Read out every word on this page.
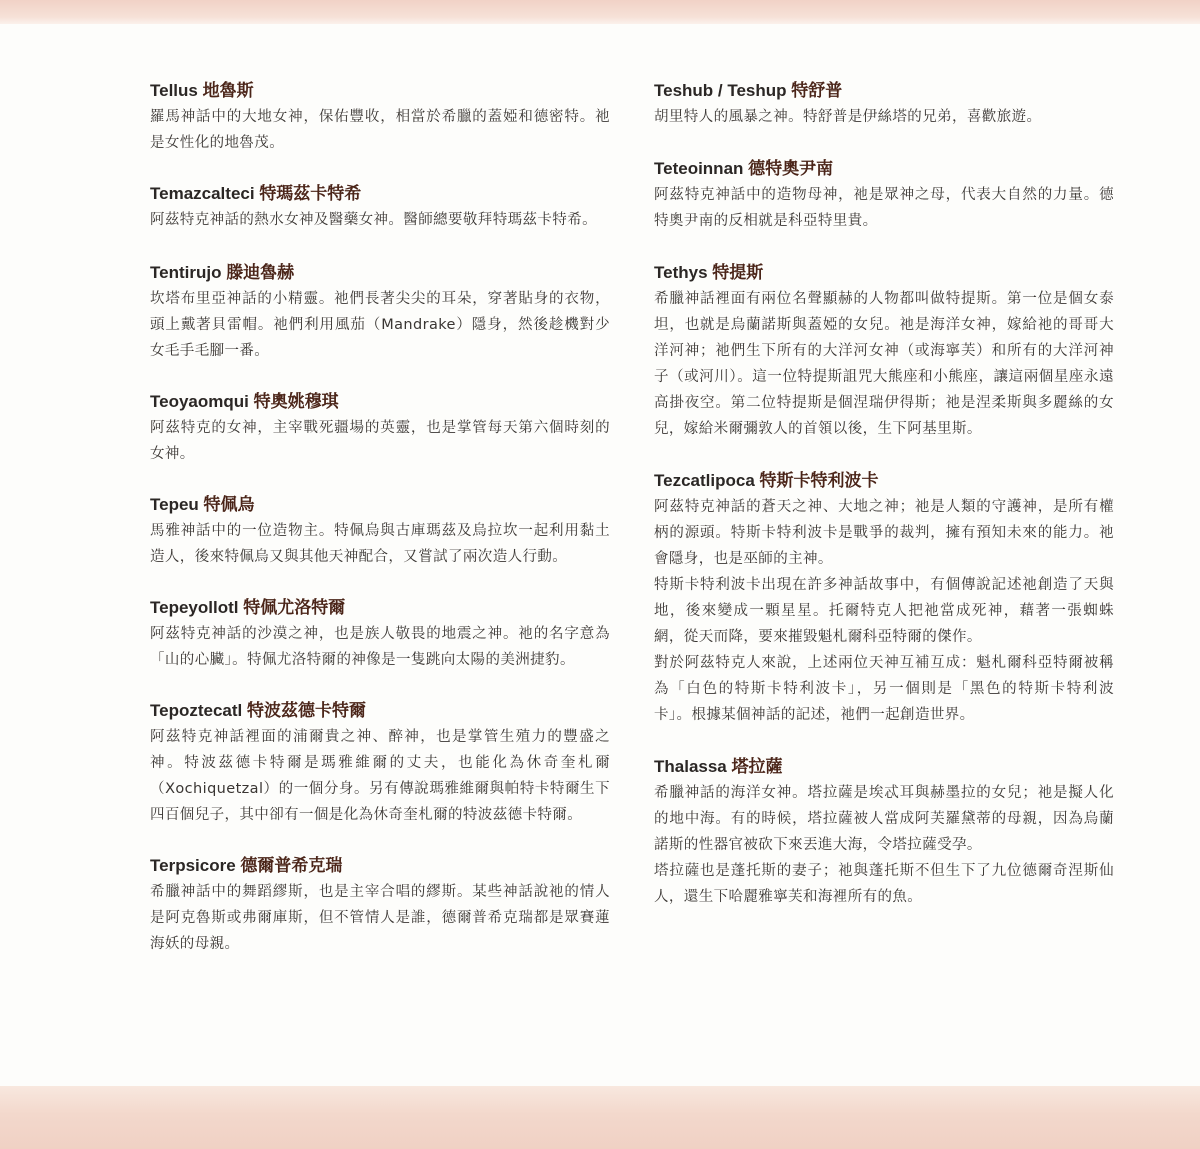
Tellus 地魯斯

羅馬神話中的大地女神，保佑豐收，相當於希臘的蓋婭和德密特。祂是女性化的地魯茂。

Temazcalteci 特瑪茲卡特希

阿茲特克神話的熱水女神及醫藥女神。醫師總要敬拜特瑪茲卡特希。

Tentirujo 滕迪魯赫

坎塔布里亞神話的小精靈。祂們長著尖尖的耳朵，穿著貼身的衣物，頭上戴著貝雷帽。祂們利用風茄（Mandrake）隱身，然後趁機對少女毛手毛腳一番。

Teoyaomqui 特奧姚穆琪

阿茲特克的女神，主宰戰死疆場的英靈，也是掌管每天第六個時刻的女神。

Tepeu 特佩烏

馬雅神話中的一位造物主。特佩烏與古庫瑪茲及烏拉坎一起利用黏土造人，後來特佩烏又與其他天神配合，又嘗試了兩次造人行動。

Tepeyollotl 特佩尤洛特爾

阿茲特克神話的沙漠之神，也是族人敬畏的地震之神。祂的名字意為「山的心臟」。特佩尤洛特爾的神像是一隻跳向太陽的美洲捷豹。

Tepoztecatl 特波茲德卡特爾

阿茲特克神話裡面的浦爾貴之神、醉神，也是掌管生殖力的豐盛之神。特波茲德卡特爾是瑪雅維爾的丈夫，也能化為休奇奎札爾（Xochiquetzal）的一個分身。另有傳說瑪雅維爾與帕特卡特爾生下四百個兒子，其中卻有一個是化為休奇奎札爾的特波茲德卡特爾。

Terpsicore 德爾普希克瑞

希臘神話中的舞蹈繆斯，也是主宰合唱的繆斯。某些神話說祂的情人是阿克魯斯或弗爾庫斯，但不管情人是誰，德爾普希克瑞都是眾賽蓮海妖的母親。

Teshub / Teshup 特舒普

胡里特人的風暴之神。特舒普是伊絲塔的兄弟，喜歡旅遊。

Teteoinnan 德特奧尹南

阿茲特克神話中的造物母神，祂是眾神之母，代表大自然的力量。德特奧尹南的反相就是科亞特里貴。

Tethys 特提斯

希臘神話裡面有兩位名聲顯赫的人物都叫做特提斯。第一位是個女泰坦，也就是烏蘭諾斯與蓋婭的女兒。祂是海洋女神，嫁給祂的哥哥大洋河神；祂們生下所有的大洋河女神（或海寧芙）和所有的大洋河神子（或河川）。這一位特提斯詛咒大熊座和小熊座，讓這兩個星座永遠高掛夜空。第二位特提斯是個涅瑞伊得斯；祂是涅柔斯與多麗絲的女兒，嫁給米爾彌敦人的首領以後，生下阿基里斯。

Tezcatlipoca 特斯卡特利波卡

阿茲特克神話的蒼天之神、大地之神；祂是人類的守護神，是所有權柄的源頭。特斯卡特利波卡是戰爭的裁判，擁有預知未來的能力。祂會隱身，也是巫師的主神。

特斯卡特利波卡出現在許多神話故事中，有個傳說記述祂創造了天與地，後來變成一顆星星。托爾特克人把祂當成死神，藉著一張蜘蛛網，從天而降，要來摧毀魁札爾科亞特爾的傑作。

對於阿茲特克人來說，上述兩位天神互補互成：魁札爾科亞特爾被稱為「白色的特斯卡特利波卡」，另一個則是「黑色的特斯卡特利波卡」。根據某個神話的記述，祂們一起創造世界。

Thalassa 塔拉薩

希臘神話的海洋女神。塔拉薩是埃忒耳與赫墨拉的女兒；祂是擬人化的地中海。有的時候，塔拉薩被人當成阿芙羅黛蒂的母親，因為烏蘭諾斯的性器官被砍下來丟進大海，令塔拉薩受孕。

塔拉薩也是蓬托斯的妻子；祂與蓬托斯不但生下了九位德爾奇涅斯仙人，還生下哈麗雅寧芙和海裡所有的魚。
